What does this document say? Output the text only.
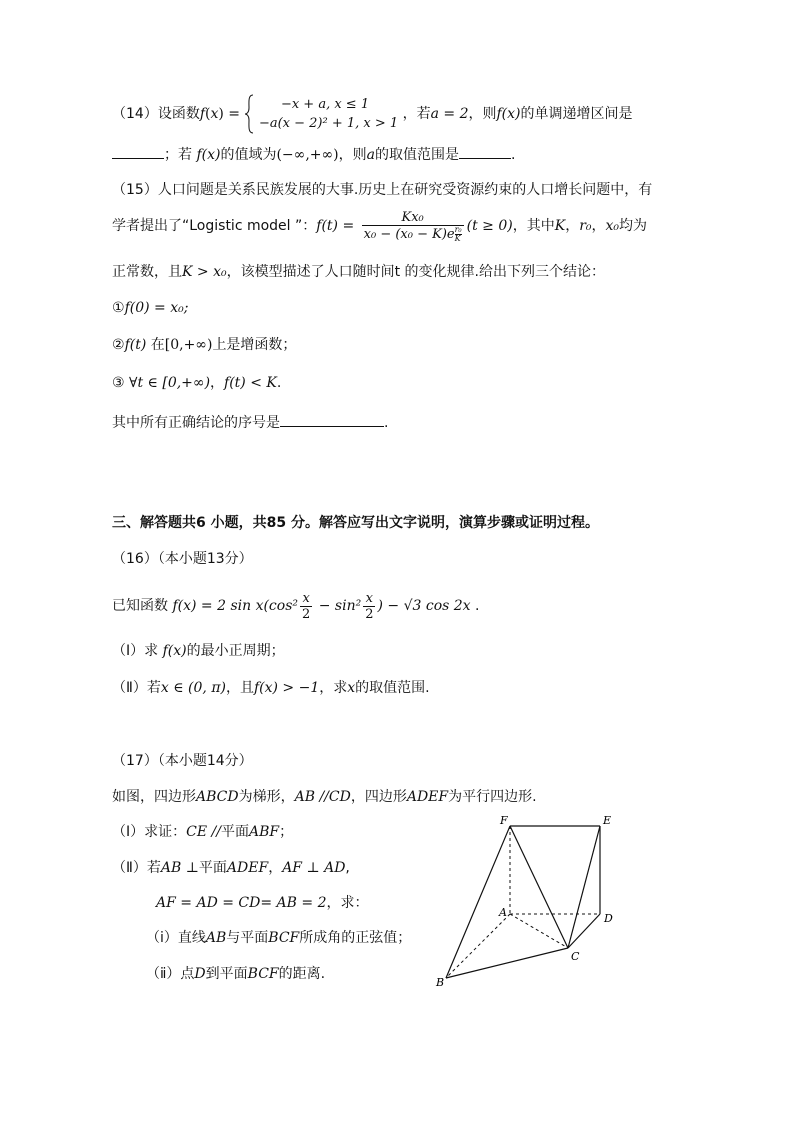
（14）设函数f(x) =
−x + a, x ≤ 1
−a(x − 2)² + 1, x > 1
，若a = 2，则f(x)的单调递增区间是
；若 f(x)的值域为(−∞,+∞)，则a的取值范围是	.
（15）人口问题是关系民族发展的大事.历史上在研究受资源约束的人口增长问题中，有
学者提出了“Logistic model ”：f(t) = Kx₀
x₀ − (x₀ − K)e $^{\frac{\text{r₀}}{K}}$ (t ≥ 0)，其中K，r₀，x₀均为
正常数，且K > x₀，该模型描述了人口随时间t 的变化规律.给出下列三个结论：
①f(0) = x₀;
②f(t) 在[0,+∞)上是增函数；
③ ∀t ∈ [0,+∞)，f(t) < K.
其中所有正确结论的序号是	.
三、解答题共6 小题，共85 分。解答应写出文字说明，演算步骤或证明过程。
（16）（本小题13分）
已知函数 f(x) = 2 $\sin x(\cos^2 \frac{x}{2} - \sin^2 \frac{x}{2}$ ) − √3 cos 2x .
（Ⅰ）求 f(x)的最小正周期；
（Ⅱ）若x ∈ (0, π)，且f(x) > −1，求x的取值范围.
（17）（本小题14分）
如图，四边形ABCD为梯形，AB //CD，四边形ADEF为平行四边形.
（Ⅰ）求证：CE //平面ABF；
（Ⅱ）若AB ⊥平面ADEF，AF ⊥ AD,
AF = AD = CD= AB = 2，求：
（ⅰ）直线AB与平面BCF所成角的正弦值；
（ⅱ）点D到平面BCF的距离.
F	E
A	D
C
B
